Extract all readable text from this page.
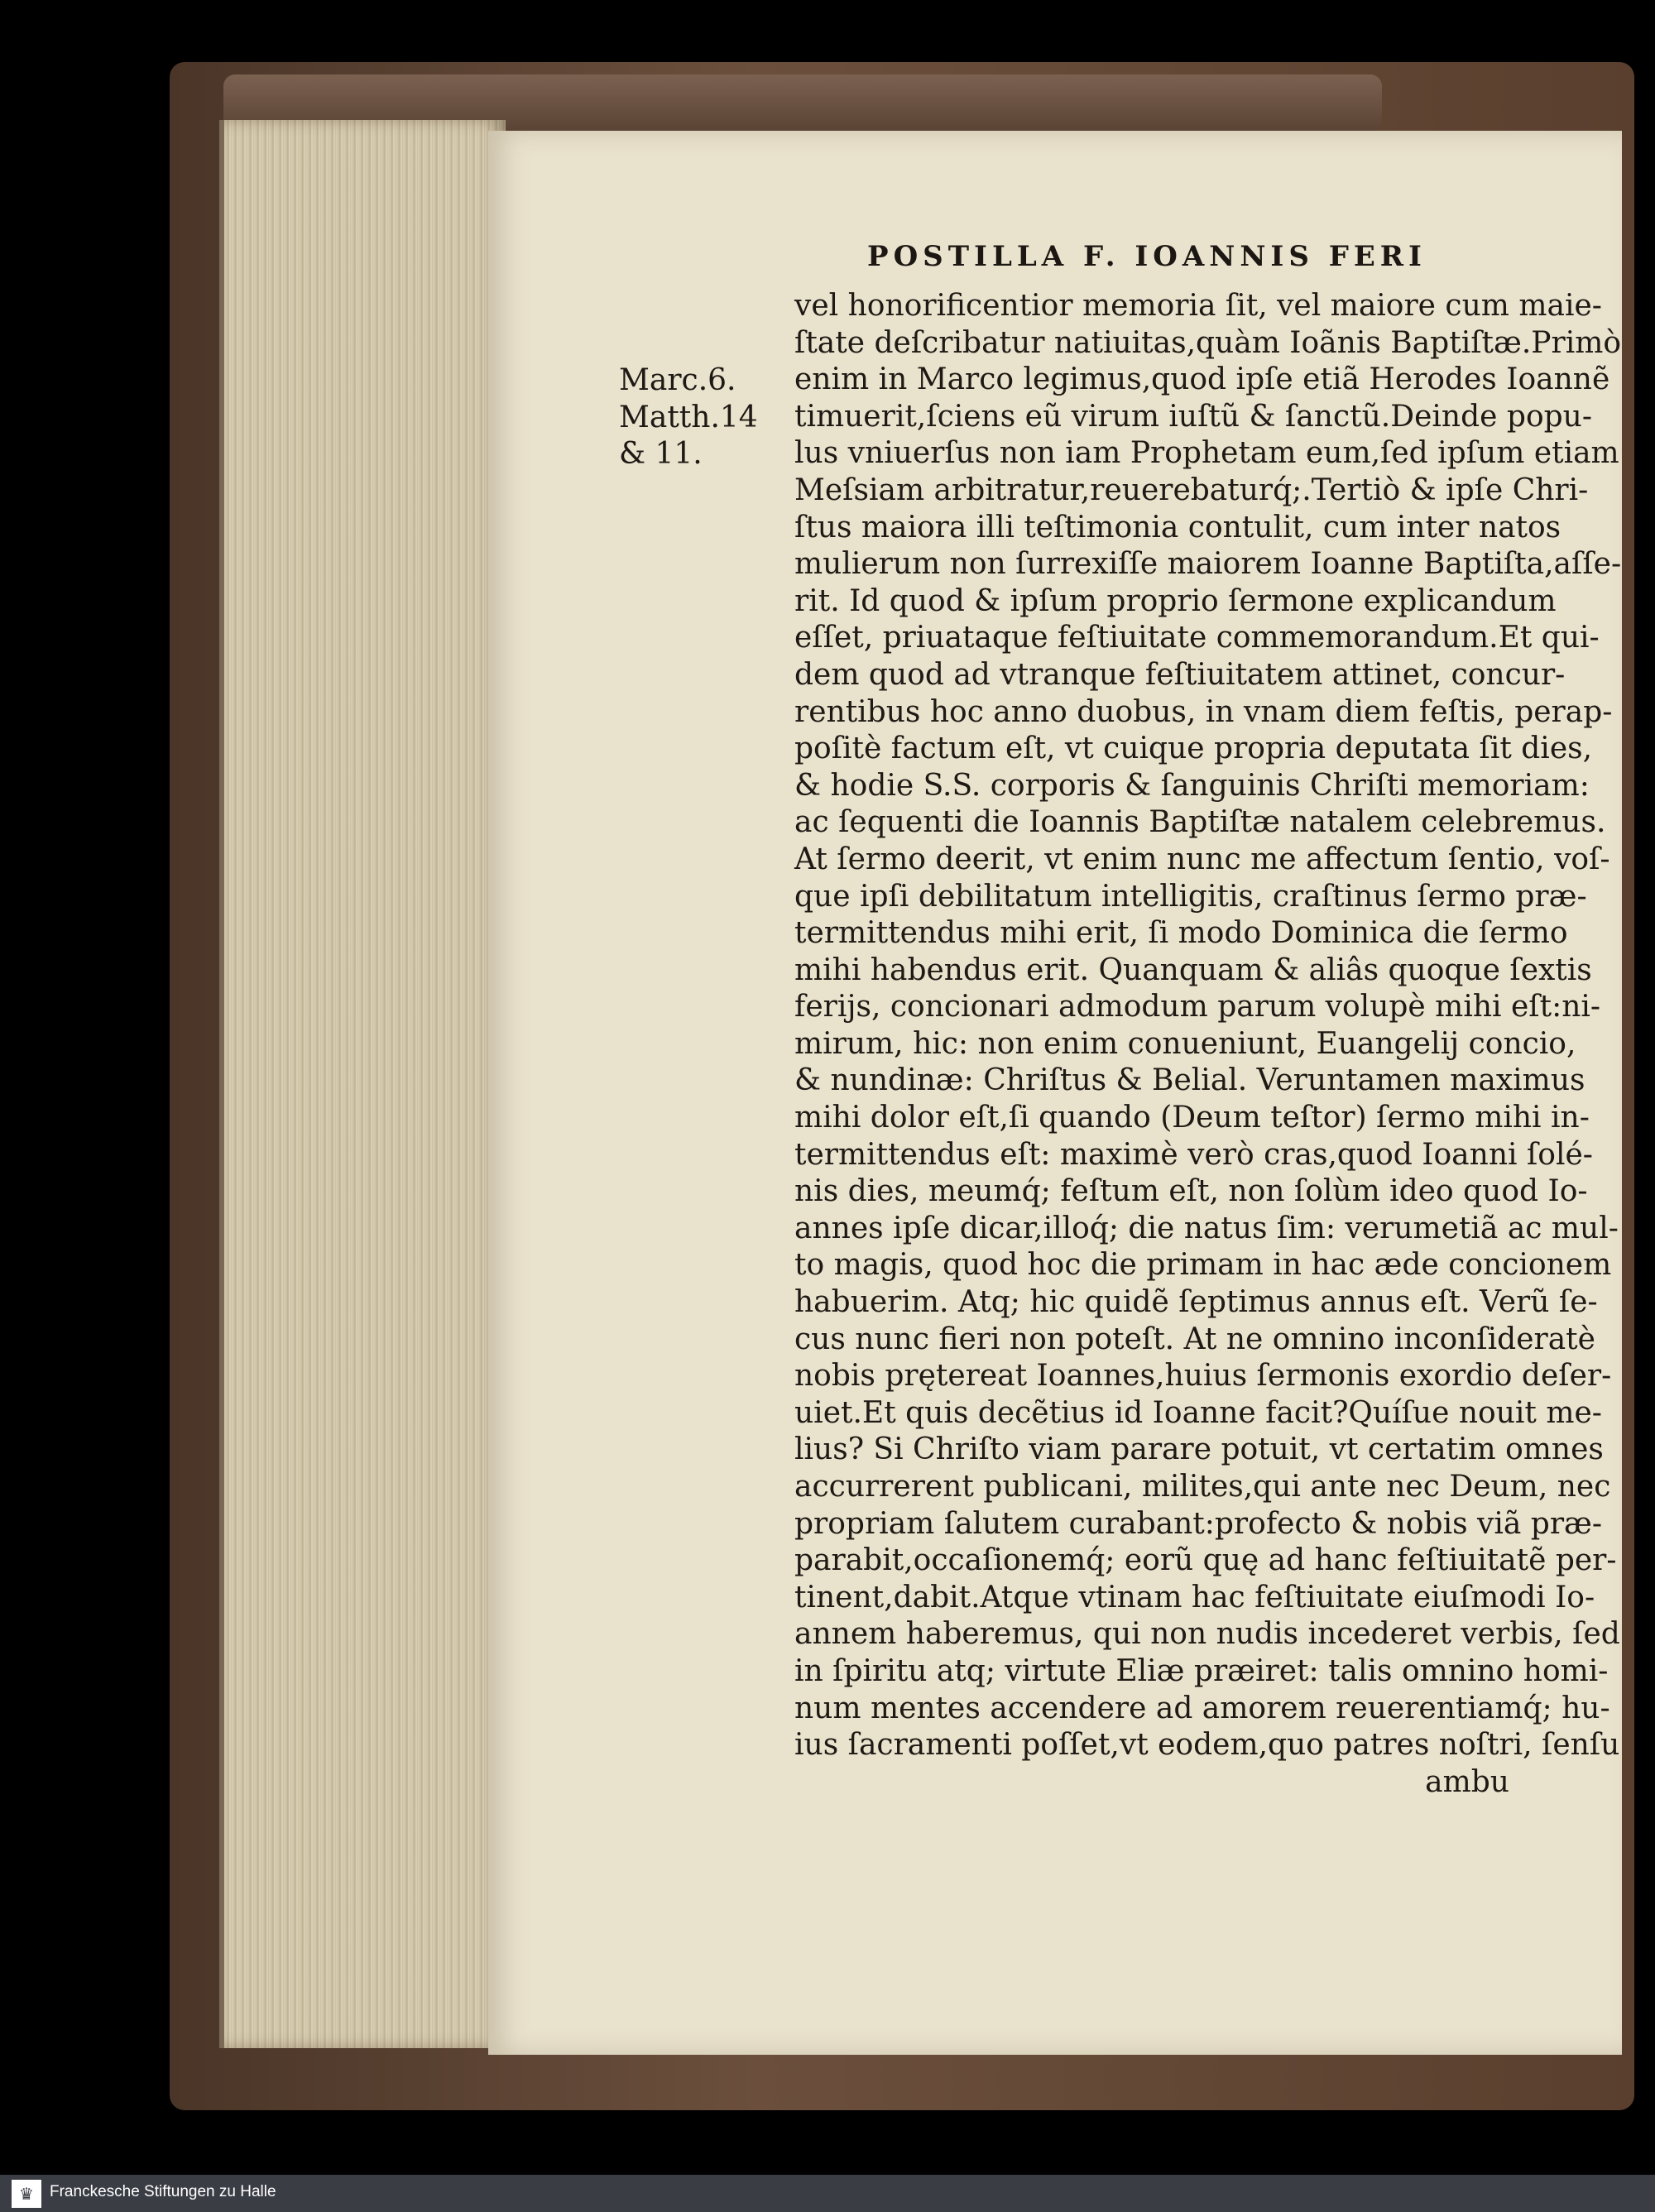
POSTILLA F. IOANNIS FERI
Marc.6.
Matth.14
& 11.
vel honorificentior memoria ſit, vel maiore cum maie-
ſtate deſcribatur natiuitas,quàm Ioãnis Baptiſtæ.Primò
enim in Marco legimus,quod ipſe etiã Herodes Ioannẽ
timuerit,ſciens eũ virum iuſtũ & ſanctũ.Deinde popu-
lus vniuerſus non iam Prophetam eum,ſed ipſum etiam
Meſsiam arbitratur,reuerebaturq́;.Tertiò & ipſe Chri-
ſtus maiora illi teſtimonia contulit, cum inter natos
mulierum non ſurrexiſſe maiorem Ioanne Baptiſta,aſſe-
rit. Id quod & ipſum proprio ſermone explicandum
eſſet, priuataque feſtiuitate commemorandum.Et qui-
dem quod ad vtranque feſtiuitatem attinet, concur-
rentibus hoc anno duobus, in vnam diem feſtis, perap-
poſitè factum eſt, vt cuique propria deputata ſit dies,
& hodie S.S. corporis & ſanguinis Chriſti memoriam:
ac ſequenti die Ioannis Baptiſtæ natalem celebremus.
At ſermo deerit, vt enim nunc me affectum ſentio, voſ-
que ipſi debilitatum intelligitis, craſtinus ſermo præ-
termittendus mihi erit, ſi modo Dominica die ſermo
mihi habendus erit. Quanquam & aliâs quoque ſextis
ferijs, concionari admodum parum volupè mihi eſt:ni-
mirum, hic: non enim conueniunt, Euangelij concio,
& nundinæ: Chriſtus & Belial. Veruntamen maximus
mihi dolor eſt,ſi quando (Deum teſtor) ſermo mihi in-
termittendus eſt: maximè verò cras,quod Ioanni ſolé-
nis dies, meumq́; feſtum eſt, non ſolùm ideo quod Io-
annes ipſe dicar,illoq́; die natus ſim: verumetiã ac mul-
to magis, quod hoc die primam in hac æde concionem
habuerim. Atq; hic quidẽ ſeptimus annus eſt. Verũ ſe-
cus nunc fieri non poteſt. At ne omnino inconſideratè
nobis prętereat Ioannes,huius ſermonis exordio deſer-
uiet.Et quis decẽtius id Ioanne facit?Quíſue nouit me-
lius? Si Chriſto viam parare potuit, vt certatim omnes
accurrerent publicani, milites,qui ante nec Deum, nec
propriam ſalutem curabant:profecto & nobis viã præ-
parabit,occaſionemq́; eorũ quę ad hanc feſtiuitatẽ per-
tinent,dabit.Atque vtinam hac feſtiuitate eiuſmodi Io-
annem haberemus, qui non nudis incederet verbis, ſed
in ſpiritu atq; virtute Eliæ præiret: talis omnino homi-
num mentes accendere ad amorem reuerentiamq́; hu-
ius ſacramenti poſſet,vt eodem,quo patres noſtri, ſenſu
ambu
♛	Franckesche Stiftungen zu Halle
